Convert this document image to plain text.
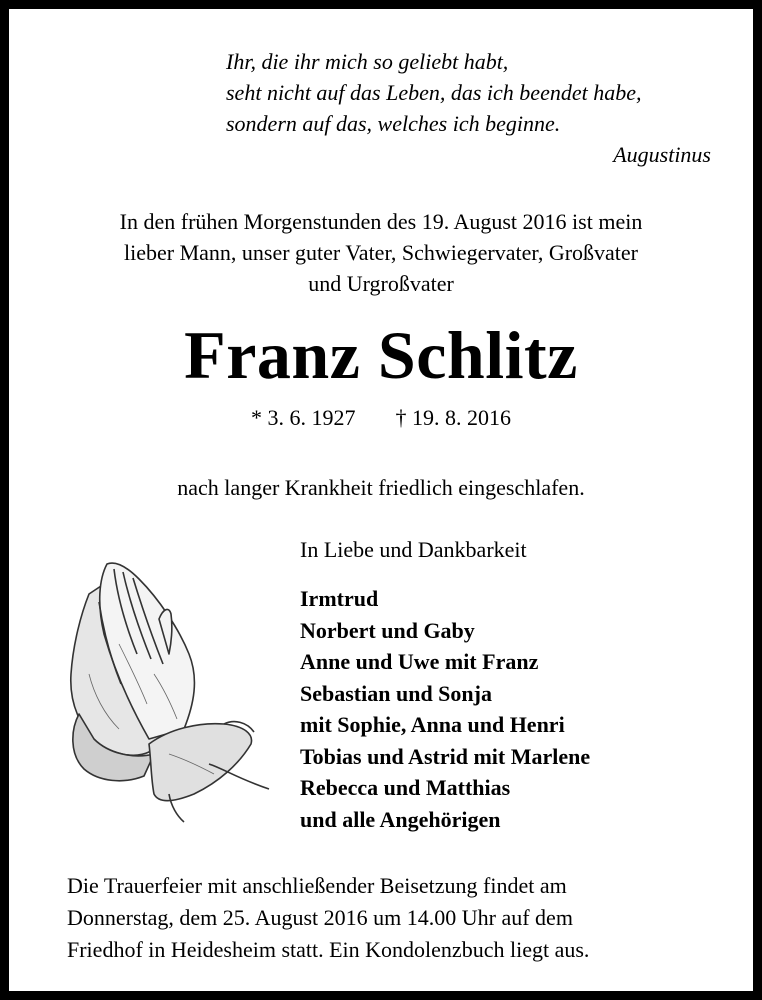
Ihr, die ihr mich so geliebt habt,
seht nicht auf das Leben, das ich beendet habe,
sondern auf das, welches ich beginne.
Augustinus
In den frühen Morgenstunden des 19. August 2016 ist mein
lieber Mann, unser guter Vater, Schwiegervater, Großvater
und Urgroßvater
Franz Schlitz
* 3. 6. 1927 † 19. 8. 2016
nach langer Krankheit friedlich eingeschlafen.
In Liebe und Dankbarkeit
Irmtrud
Norbert und Gaby
Anne und Uwe mit Franz
Sebastian und Sonja
mit Sophie, Anna und Henri
Tobias und Astrid mit Marlene
Rebecca und Matthias
und alle Angehörigen
Die Trauerfeier mit anschließender Beisetzung findet am
Donnerstag, dem 25. August 2016 um 14.00 Uhr auf dem
Friedhof in Heidesheim statt. Ein Kondolenzbuch liegt aus.
